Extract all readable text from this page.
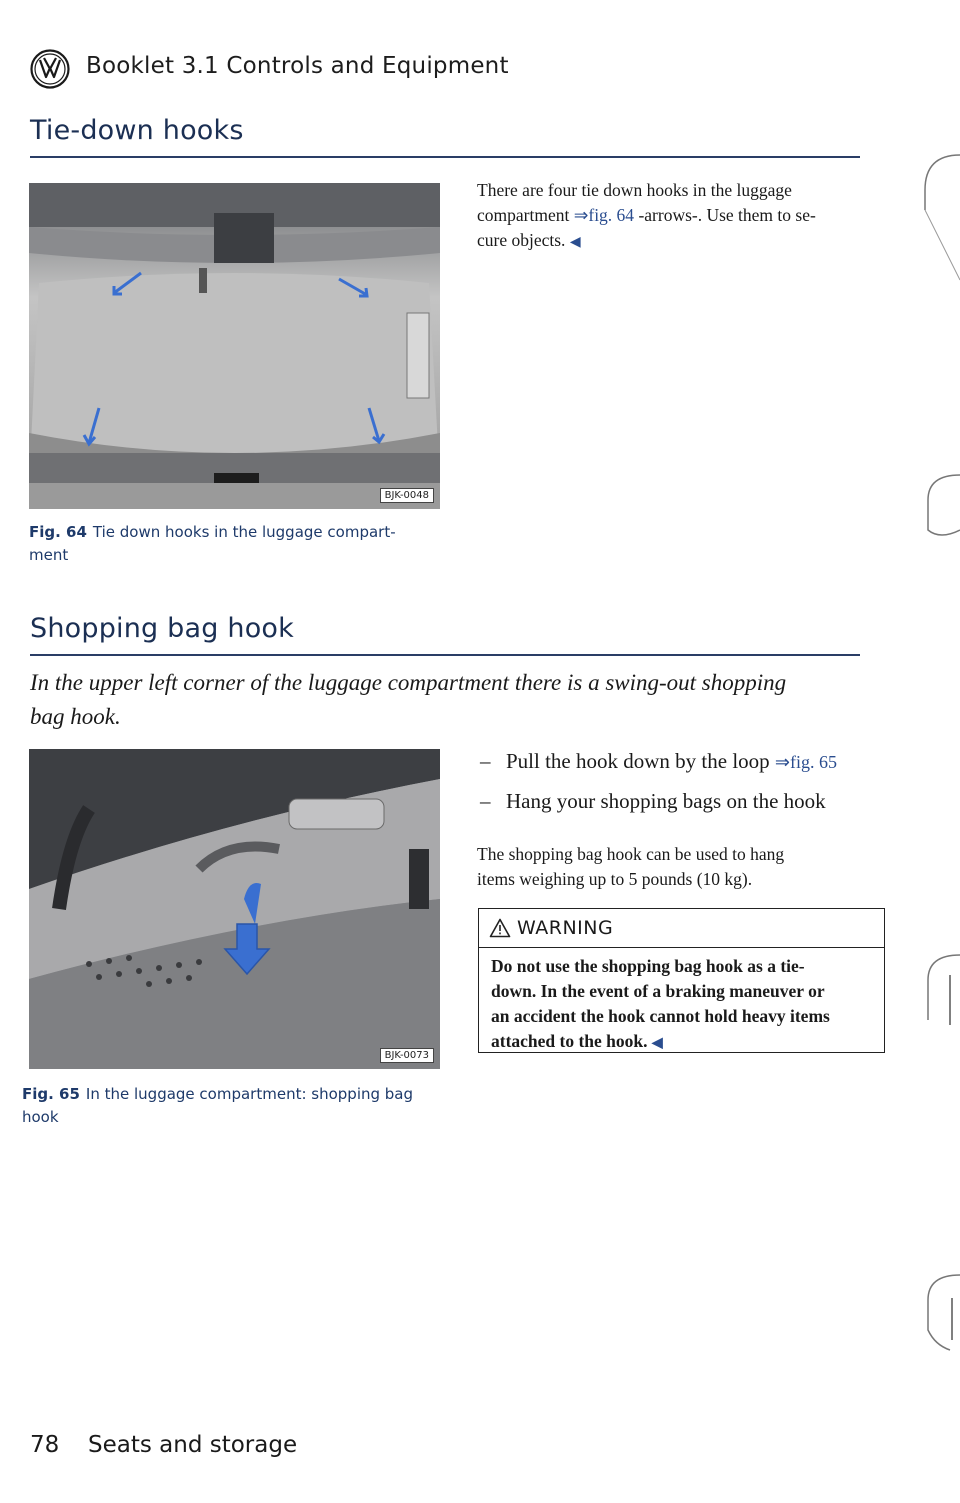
Booklet 3.1 Controls and Equipment
Tie-down hooks
BJK-0048
Fig. 64 Tie down hooks in the luggage compart-
ment
There are four tie down hooks in the luggage
compartment ⇒fig. 64 -arrows-. Use them to se-
cure objects. ◀
Shopping bag hook
In the upper left corner of the luggage compartment there is a swing-out shopping
bag hook.
BJK-0073
Fig. 65 In the luggage compartment: shopping bag
hook
– Pull the hook down by the loop ⇒fig. 65
– Hang your shopping bags on the hook
The shopping bag hook can be used to hang
items weighing up to 5 pounds (10 kg).
WARNING
Do not use the shopping bag hook as a tie-
down. In the event of a braking maneuver or
an accident the hook cannot hold heavy items
attached to the hook. ◀
78 Seats and storage
